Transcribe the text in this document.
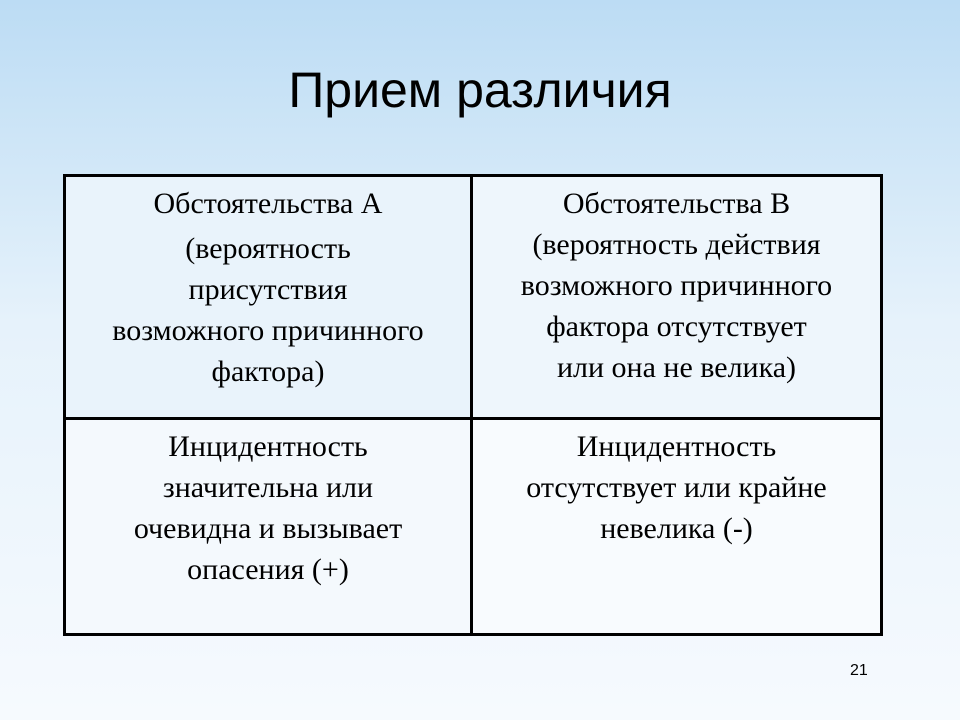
Прием различия
Обстоятельства А
(вероятность
присутствия
возможного причинного
фактора)
Обстоятельства В
(вероятность действия
возможного причинного
фактора отсутствует
или она не велика)
Инцидентность
значительна или
очевидна и вызывает
опасения (+)
Инцидентность
отсутствует или крайне
невелика (-)
21
